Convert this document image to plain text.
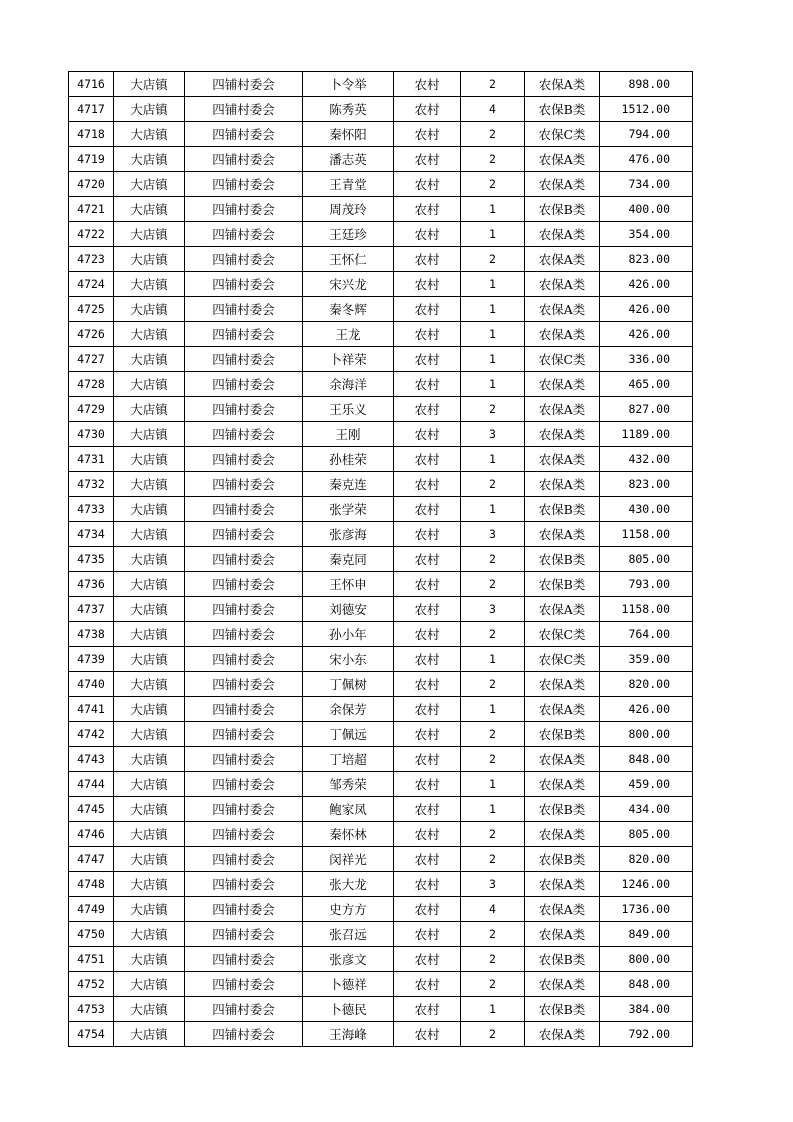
4716	大店镇	四铺村委会	卜令举	农村	2	农保A类	898.00
4717	大店镇	四铺村委会	陈秀英	农村	4	农保B类	1512.00
4718	大店镇	四铺村委会	秦怀阳	农村	2	农保C类	794.00
4719	大店镇	四铺村委会	潘志英	农村	2	农保A类	476.00
4720	大店镇	四铺村委会	王青堂	农村	2	农保A类	734.00
4721	大店镇	四铺村委会	周茂玲	农村	1	农保B类	400.00
4722	大店镇	四铺村委会	王廷珍	农村	1	农保A类	354.00
4723	大店镇	四铺村委会	王怀仁	农村	2	农保A类	823.00
4724	大店镇	四铺村委会	宋兴龙	农村	1	农保A类	426.00
4725	大店镇	四铺村委会	秦冬辉	农村	1	农保A类	426.00
4726	大店镇	四铺村委会	王龙	农村	1	农保A类	426.00
4727	大店镇	四铺村委会	卜祥荣	农村	1	农保C类	336.00
4728	大店镇	四铺村委会	余海洋	农村	1	农保A类	465.00
4729	大店镇	四铺村委会	王乐义	农村	2	农保A类	827.00
4730	大店镇	四铺村委会	王刚	农村	3	农保A类	1189.00
4731	大店镇	四铺村委会	孙桂荣	农村	1	农保A类	432.00
4732	大店镇	四铺村委会	秦克连	农村	2	农保A类	823.00
4733	大店镇	四铺村委会	张学荣	农村	1	农保B类	430.00
4734	大店镇	四铺村委会	张彦海	农村	3	农保A类	1158.00
4735	大店镇	四铺村委会	秦克同	农村	2	农保B类	805.00
4736	大店镇	四铺村委会	王怀申	农村	2	农保B类	793.00
4737	大店镇	四铺村委会	刘德安	农村	3	农保A类	1158.00
4738	大店镇	四铺村委会	孙小年	农村	2	农保C类	764.00
4739	大店镇	四铺村委会	宋小东	农村	1	农保C类	359.00
4740	大店镇	四铺村委会	丁佩树	农村	2	农保A类	820.00
4741	大店镇	四铺村委会	余保芳	农村	1	农保A类	426.00
4742	大店镇	四铺村委会	丁佩远	农村	2	农保B类	800.00
4743	大店镇	四铺村委会	丁培超	农村	2	农保A类	848.00
4744	大店镇	四铺村委会	邹秀荣	农村	1	农保A类	459.00
4745	大店镇	四铺村委会	鲍家凤	农村	1	农保B类	434.00
4746	大店镇	四铺村委会	秦怀林	农村	2	农保A类	805.00
4747	大店镇	四铺村委会	闵祥光	农村	2	农保B类	820.00
4748	大店镇	四铺村委会	张大龙	农村	3	农保A类	1246.00
4749	大店镇	四铺村委会	史方方	农村	4	农保A类	1736.00
4750	大店镇	四铺村委会	张召远	农村	2	农保A类	849.00
4751	大店镇	四铺村委会	张彦文	农村	2	农保B类	800.00
4752	大店镇	四铺村委会	卜德祥	农村	2	农保A类	848.00
4753	大店镇	四铺村委会	卜德民	农村	1	农保B类	384.00
4754	大店镇	四铺村委会	王海峰	农村	2	农保A类	792.00
